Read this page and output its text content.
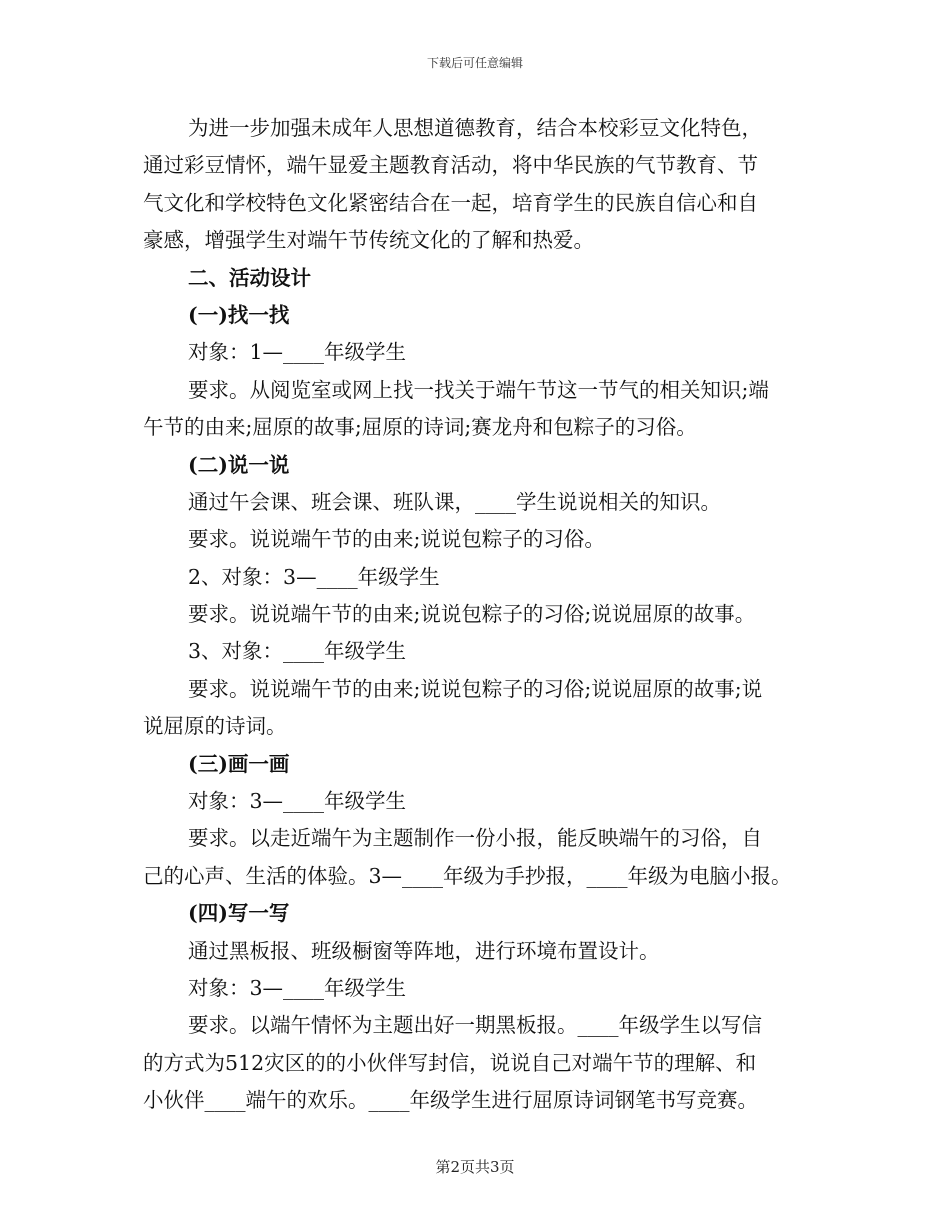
下载后可任意编辑
为进一步加强未成年人思想道德教育，结合本校彩豆文化特色，
通过彩豆情怀，端午显爱主题教育活动，将中华民族的气节教育、节
气文化和学校特色文化紧密结合在一起，培育学生的民族自信心和自
豪感，增强学生对端午节传统文化的了解和热爱。
二、活动设计
(一)找一找
对象：1—____年级学生
要求。从阅览室或网上找一找关于端午节这一节气的相关知识;端
午节的由来;屈原的故事;屈原的诗词;赛龙舟和包粽子的习俗。
(二)说一说
通过午会课、班会课、班队课，____学生说说相关的知识。
要求。说说端午节的由来;说说包粽子的习俗。
2、对象：3—____年级学生
要求。说说端午节的由来;说说包粽子的习俗;说说屈原的故事。
3、对象：____年级学生
要求。说说端午节的由来;说说包粽子的习俗;说说屈原的故事;说
说屈原的诗词。
(三)画一画
对象：3—____年级学生
要求。以走近端午为主题制作一份小报，能反映端午的习俗，自
己的心声、生活的体验。3—____年级为手抄报，____年级为电脑小报。
(四)写一写
通过黑板报、班级橱窗等阵地，进行环境布置设计。
对象：3—____年级学生
要求。以端午情怀为主题出好一期黑板报。____年级学生以写信
的方式为512灾区的的小伙伴写封信，说说自己对端午节的理解、和
小伙伴____端午的欢乐。____年级学生进行屈原诗词钢笔书写竞赛。
第2页共3页
